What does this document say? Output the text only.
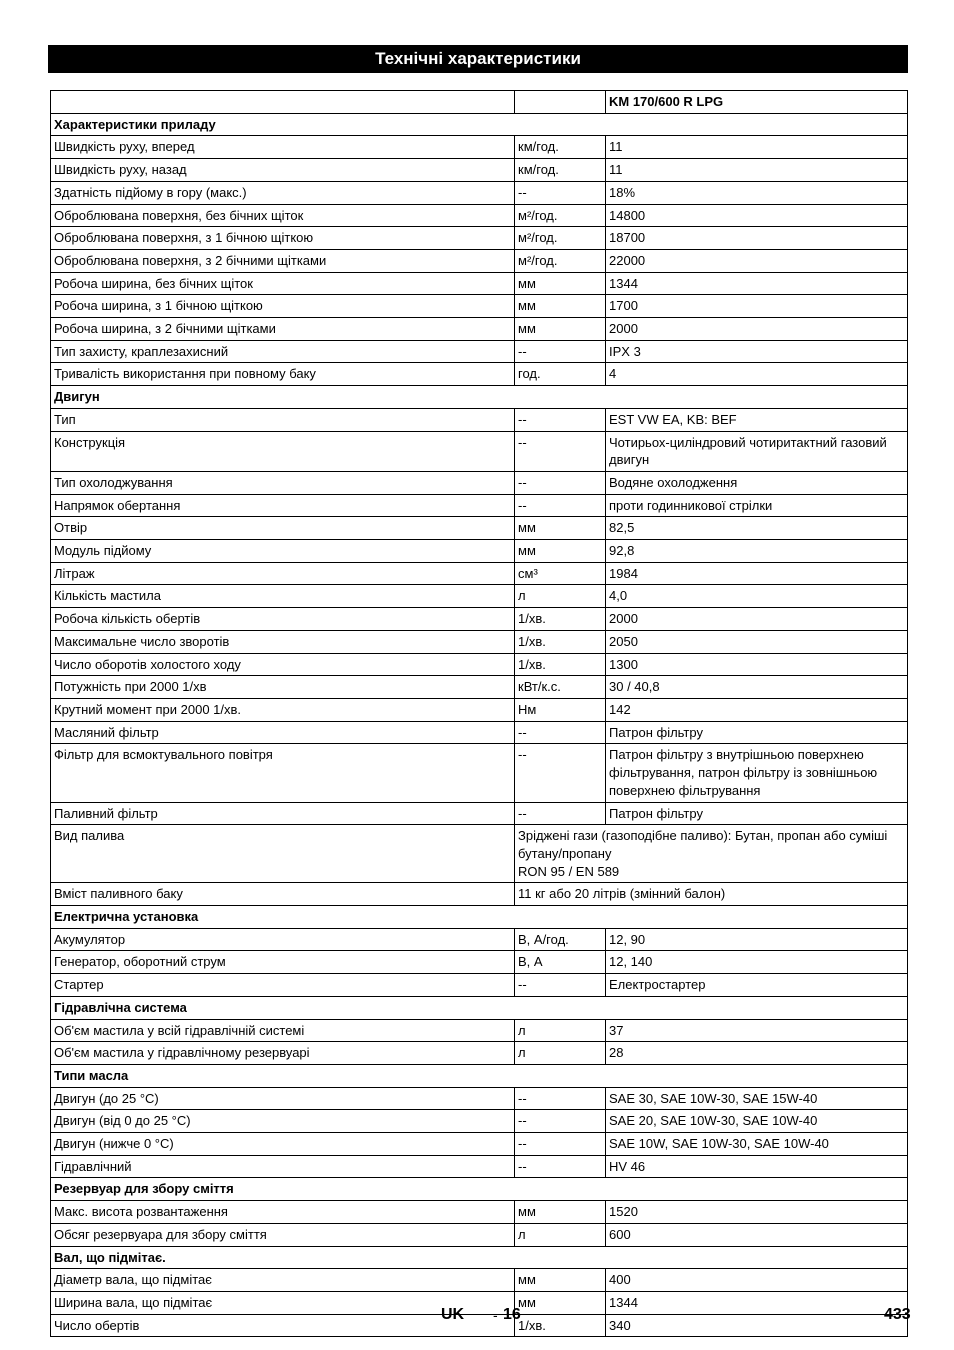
Технічні характеристики
		KM 170/600 R LPG
Характеристики приладу		
Швидкість руху, вперед	км/год.	11
Швидкість руху, назад	км/год.	11
Здатність підйому в гору (макс.)	--	18%
Оброблювана поверхня, без бічних щіток	м²/год.	14800
Оброблювана поверхня, з 1 бічною щіткою	м²/год.	18700
Оброблювана поверхня, з 2 бічними щітками	м²/год.	22000
Робоча ширина, без бічних щіток	мм	1344
Робоча ширина, з 1 бічною щіткою	мм	1700
Робоча ширина, з 2 бічними щітками	мм	2000
Тип захисту, краплезахисний	--	IPX 3
Тривалість використання при повному баку	год.	4
Двигун		
Тип	--	EST VW EA, KB: BEF
Конструкція	--	Чотирьох-циліндровий чотиритактний газовий двигун
Тип охолоджування	--	Водяне охолодження
Напрямок обертання	--	проти годинникової стрілки
Отвір	мм	82,5
Модуль підйому	мм	92,8
Літраж	см³	1984
Кількість мастила	л	4,0
Робоча кількість обертів	1/хв.	2000
Максимальне число зворотів	1/хв.	2050
Число оборотів холостого ходу	1/хв.	1300
Потужність при 2000 1/хв	кВт/к.с.	30 / 40,8
Крутний момент при 2000 1/хв.	Нм	142
Масляний фільтр	--	Патрон фільтру
Фільтр для всмоктувального повітря	--	Патрон фільтру з внутрішньою поверхнею фільтрування, патрон фільтру із зовнішньою поверхнею фільтрування
Паливний фільтр	--	Патрон фільтру
Вид палива	Зріджені гази (газоподібне паливо): Бутан, пропан або суміші бутану/пропану
RON 95 / EN 589	
Вміст паливного баку	11 кг або 20 літрів (змінний балон)	
Електрична установка		
Акумулятор	В, А/год.	12, 90
Генератор, оборотний струм	В, А	12, 140
Стартер	--	Електростартер
Гідравлічна система		
Об'єм мастила у всій гідравлічній системі	л	37
Об'єм мастила у гідравлічному резервуарі	л	28
Типи масла		
Двигун (до 25 °C)	--	SAE 30, SAE 10W-30, SAE 15W-40
Двигун (від 0 до 25 °C)	--	SAE 20, SAE 10W-30, SAE 10W-40
Двигун (нижче 0 °C)	--	SAE 10W, SAE 10W-30, SAE 10W-40
Гідравлічний	--	HV 46
Резервуар для збору сміття		
Макс. висота розвантаження	мм	1520
Обсяг резервуара для збору сміття	л	600
Вал, що підмітає.		
Діаметр вала, що підмітає	мм	400
Ширина вала, що підмітає	мм	1344
Число обертів	1/хв.	340
UK - 16	433
